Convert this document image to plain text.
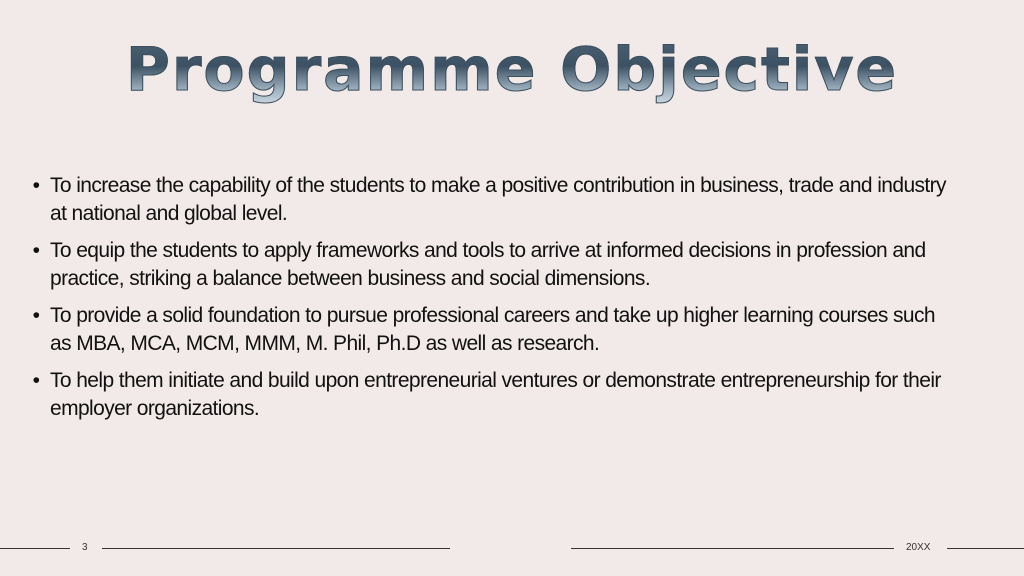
Programme Objective
• To increase the capability of the students to make a positive contribution in business, trade and industry at national and global level.
• To equip the students to apply frameworks and tools to arrive at informed decisions in profession and practice, striking a balance between business and social dimensions.
• To provide a solid foundation to pursue professional careers and take up higher learning courses such as MBA, MCA, MCM, MMM, M. Phil, Ph.D as well as research.
• To help them initiate and build upon entrepreneurial ventures or demonstrate entrepreneurship for their employer organizations.
3	20XX
